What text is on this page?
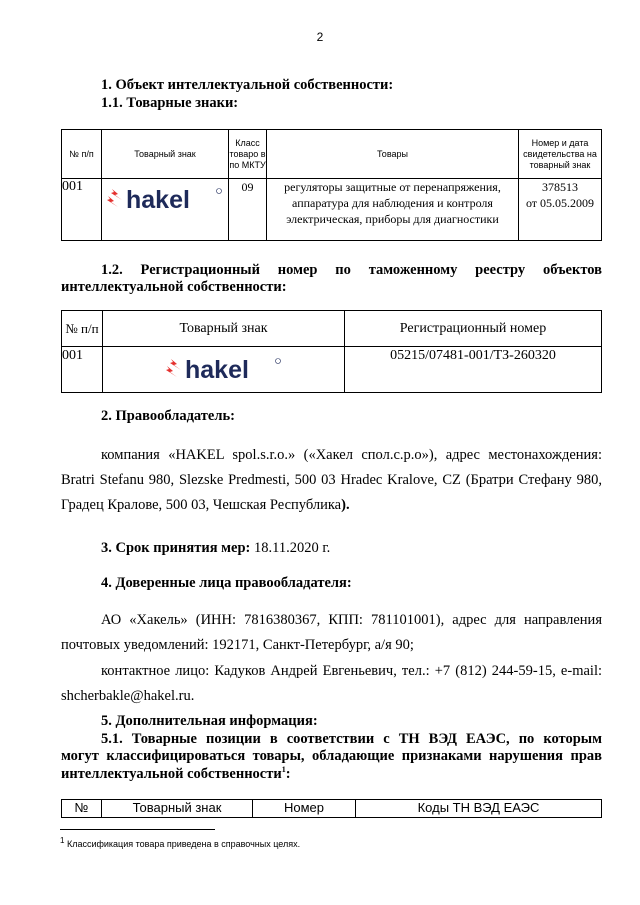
2
1. Объект интеллектуальной собственности:
1.1. Товарные знаки:
№ п/п	Товарный знак	Класс товаро в по МКТУ	Товары	Номер и дата свидетельства на товарный знак
001	hakel	09	регуляторы защитные от перенапряжения, аппаратура для наблюдения и контроля электрическая, приборы для диагностики	378513
от 05.05.2009
1.2. Регистрационный номер по таможенному реестру объектов
интеллектуальной собственности:
№ п/п	Товарный знак	Регистрационный номер
001	hakel	05215/07481-001/ТЗ-260320
2. Правообладатель:
компания «HAKEL spol.s.r.o.» («Хакел спол.с.р.о»), адрес местонахождения: Bratri Stefanu 980, Slezske Predmesti, 500 03 Hradec Kralove, CZ (Братри Стефану 980, Градец Кралове, 500 03, Чешская Республика).
3. Срок принятия мер: 18.11.2020 г.
4. Доверенные лица правообладателя:
АО «Хакель» (ИНН: 7816380367, КПП: 781101001), адрес для направления почтовых уведомлений: 192171, Санкт-Петербург, а/я 90;
контактное лицо: Кадуков Андрей Евгеньевич, тел.: +7 (812) 244-59-15, e-mail: shcherbakle@hakel.ru.
5. Дополнительная информация:
5.1. Товарные позиции в соответствии с ТН ВЭД ЕАЭС, по которым
могут классифицироваться товары, обладающие признаками нарушения прав
интеллектуальной собственности$^1$:
№	Товарный знак	Номер	Коды ТН ВЭД ЕАЭС
$^1$ Классификация товара приведена в справочных целях.
